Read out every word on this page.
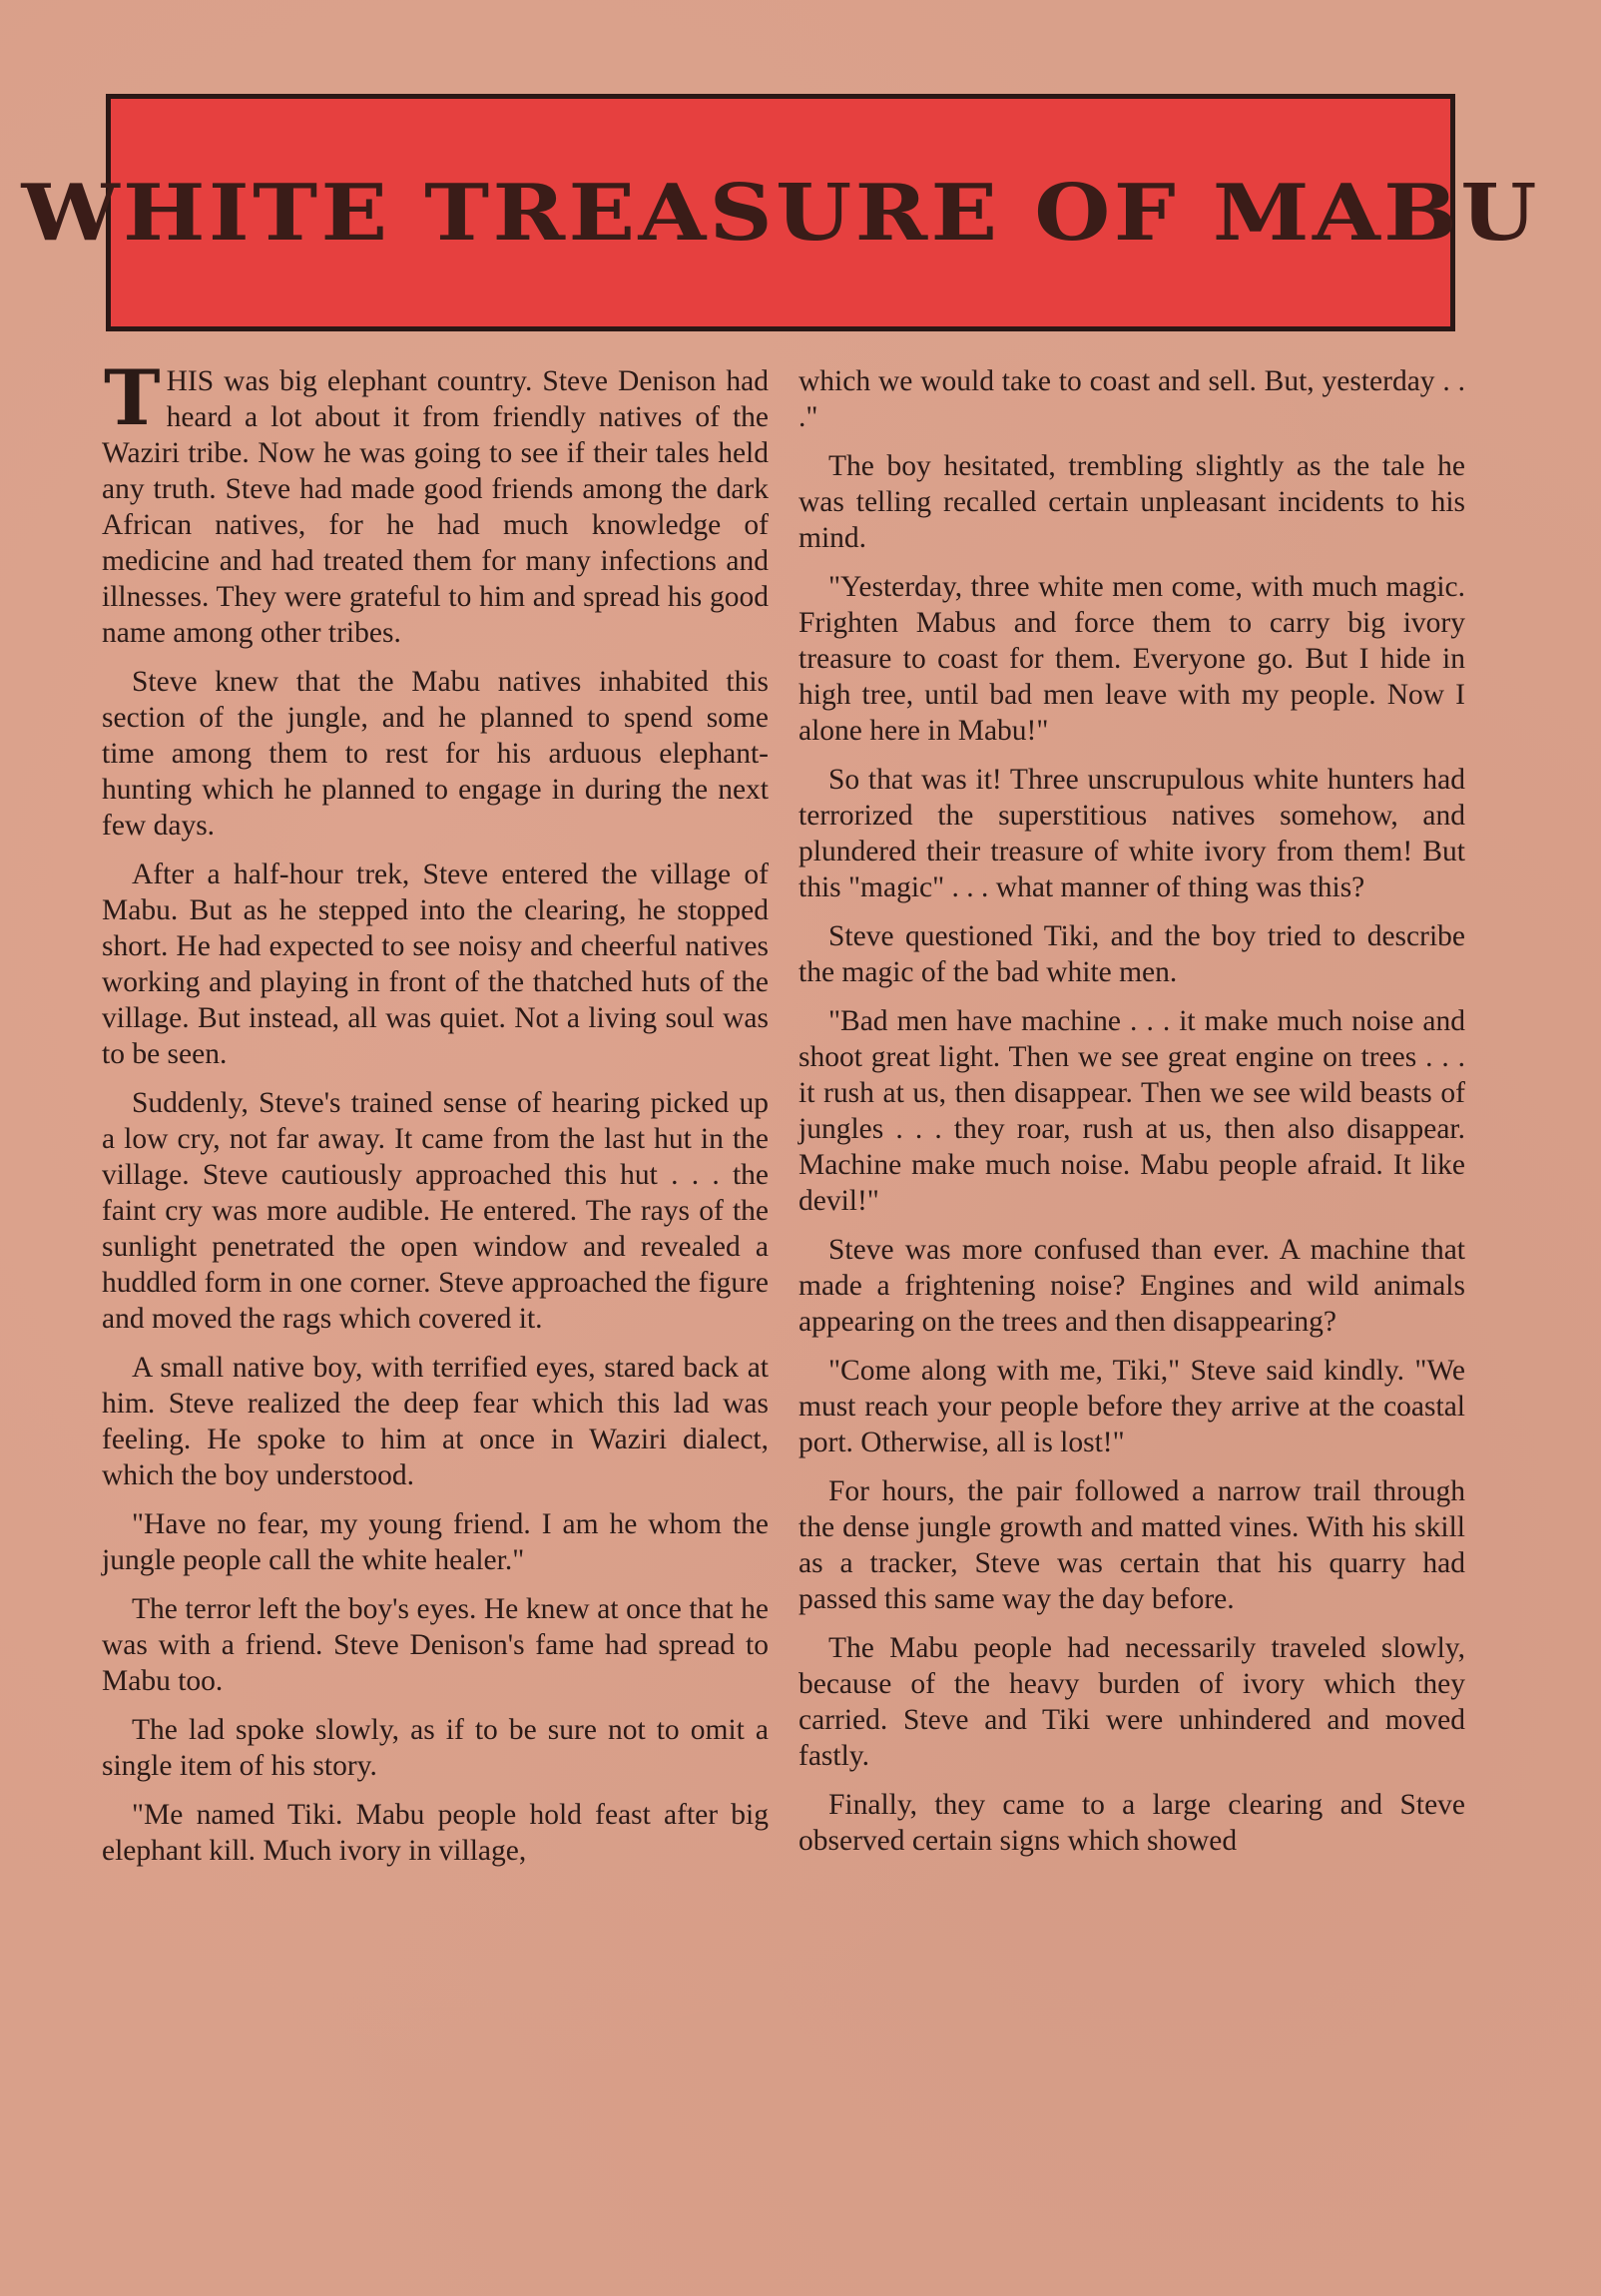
WHITE TREASURE OF MABU

THIS was big elephant country. Steve Denison had heard a lot about it from friendly natives of the Waziri tribe. Now he was going to see if their tales held any truth. Steve had made good friends among the dark African natives, for he had much knowledge of medicine and had treated them for many infections and illnesses. They were grateful to him and spread his good name among other tribes.

Steve knew that the Mabu natives inhabited this section of the jungle, and he planned to spend some time among them to rest for his arduous elephant-hunting which he planned to engage in during the next few days.

After a half-hour trek, Steve entered the village of Mabu. But as he stepped into the clearing, he stopped short. He had expected to see noisy and cheerful natives working and playing in front of the thatched huts of the village. But instead, all was quiet. Not a living soul was to be seen.

Suddenly, Steve's trained sense of hearing picked up a low cry, not far away. It came from the last hut in the village. Steve cautiously approached this hut . . . the faint cry was more audible. He entered. The rays of the sunlight penetrated the open window and revealed a huddled form in one corner. Steve approached the figure and moved the rags which covered it.

A small native boy, with terrified eyes, stared back at him. Steve realized the deep fear which this lad was feeling. He spoke to him at once in Waziri dialect, which the boy understood.

"Have no fear, my young friend. I am he whom the jungle people call the white healer."

The terror left the boy's eyes. He knew at once that he was with a friend. Steve Denison's fame had spread to Mabu too.

The lad spoke slowly, as if to be sure not to omit a single item of his story.

"Me named Tiki. Mabu people hold feast after big elephant kill. Much ivory in village,

which we would take to coast and sell. But, yesterday . . ."

The boy hesitated, trembling slightly as the tale he was telling recalled certain unpleasant incidents to his mind.

"Yesterday, three white men come, with much magic. Frighten Mabus and force them to carry big ivory treasure to coast for them. Everyone go. But I hide in high tree, until bad men leave with my people. Now I alone here in Mabu!"

So that was it! Three unscrupulous white hunters had terrorized the superstitious natives somehow, and plundered their treasure of white ivory from them! But this "magic" . . . what manner of thing was this?

Steve questioned Tiki, and the boy tried to describe the magic of the bad white men.

"Bad men have machine . . . it make much noise and shoot great light. Then we see great engine on trees . . . it rush at us, then disappear. Then we see wild beasts of jungles . . . they roar, rush at us, then also disappear. Machine make much noise. Mabu people afraid. It like devil!"

Steve was more confused than ever. A machine that made a frightening noise? Engines and wild animals appearing on the trees and then disappearing?

"Come along with me, Tiki," Steve said kindly. "We must reach your people before they arrive at the coastal port. Otherwise, all is lost!"

For hours, the pair followed a narrow trail through the dense jungle growth and matted vines. With his skill as a tracker, Steve was certain that his quarry had passed this same way the day before.

The Mabu people had necessarily traveled slowly, because of the heavy burden of ivory which they carried. Steve and Tiki were unhindered and moved fastly.

Finally, they came to a large clearing and Steve observed certain signs which showed
